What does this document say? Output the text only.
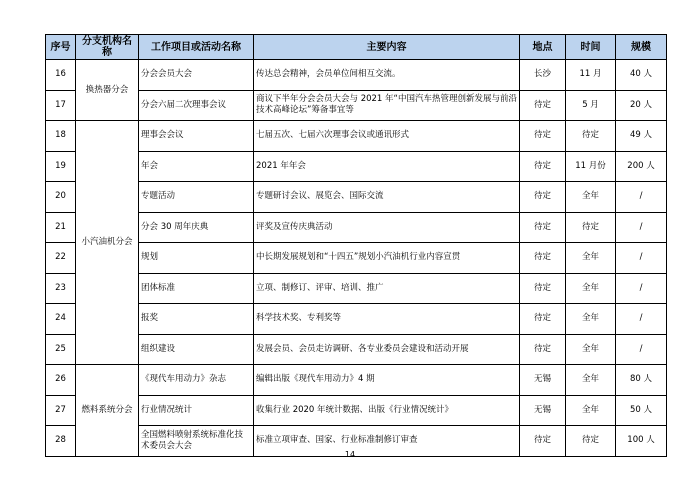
序号	分支机构名称	工作项目或活动名称	主要内容	地点	时间	规模
16	换热器分会	分会会员大会	传达总会精神，会员单位间相互交流。	长沙	11 月	40 人
17		分会六届二次理事会议	商议下半年分会会员大会与 2021 年“中国汽车热管理创新发展与前沿技术高峰论坛”筹备事宜等	待定	5 月	20 人
18	小汽油机分会	理事会会议	七届五次、七届六次理事会议或通讯形式	待定	待定	49 人
19		年会	2021 年年会	待定	11 月份	200 人
20		专题活动	专题研讨会议、展览会、国际交流	待定	全年	/
21		分会 30 周年庆典	评奖及宣传庆典活动	待定	待定	/
22		规划	中长期发展规划和“十四五”规划小汽油机行业内容宣贯	待定	全年	/
23		团体标准	立项、制修订、评审、培训、推广	待定	全年	/
24		报奖	科学技术奖、专利奖等	待定	全年	/
25		组织建设	发展会员、会员走访调研、各专业委员会建设和活动开展	待定	全年	/
26	燃料系统分会	《现代车用动力》杂志	编辑出版《现代车用动力》4 期	无锡	全年	80 人
27		行业情况统计	收集行业 2020 年统计数据、出版《行业情况统计》	无锡	全年	50 人
28		全国燃料喷射系统标准化技术委员会大会	标准立项审查、国家、行业标准制修订审查	待定	待定	100 人
14
